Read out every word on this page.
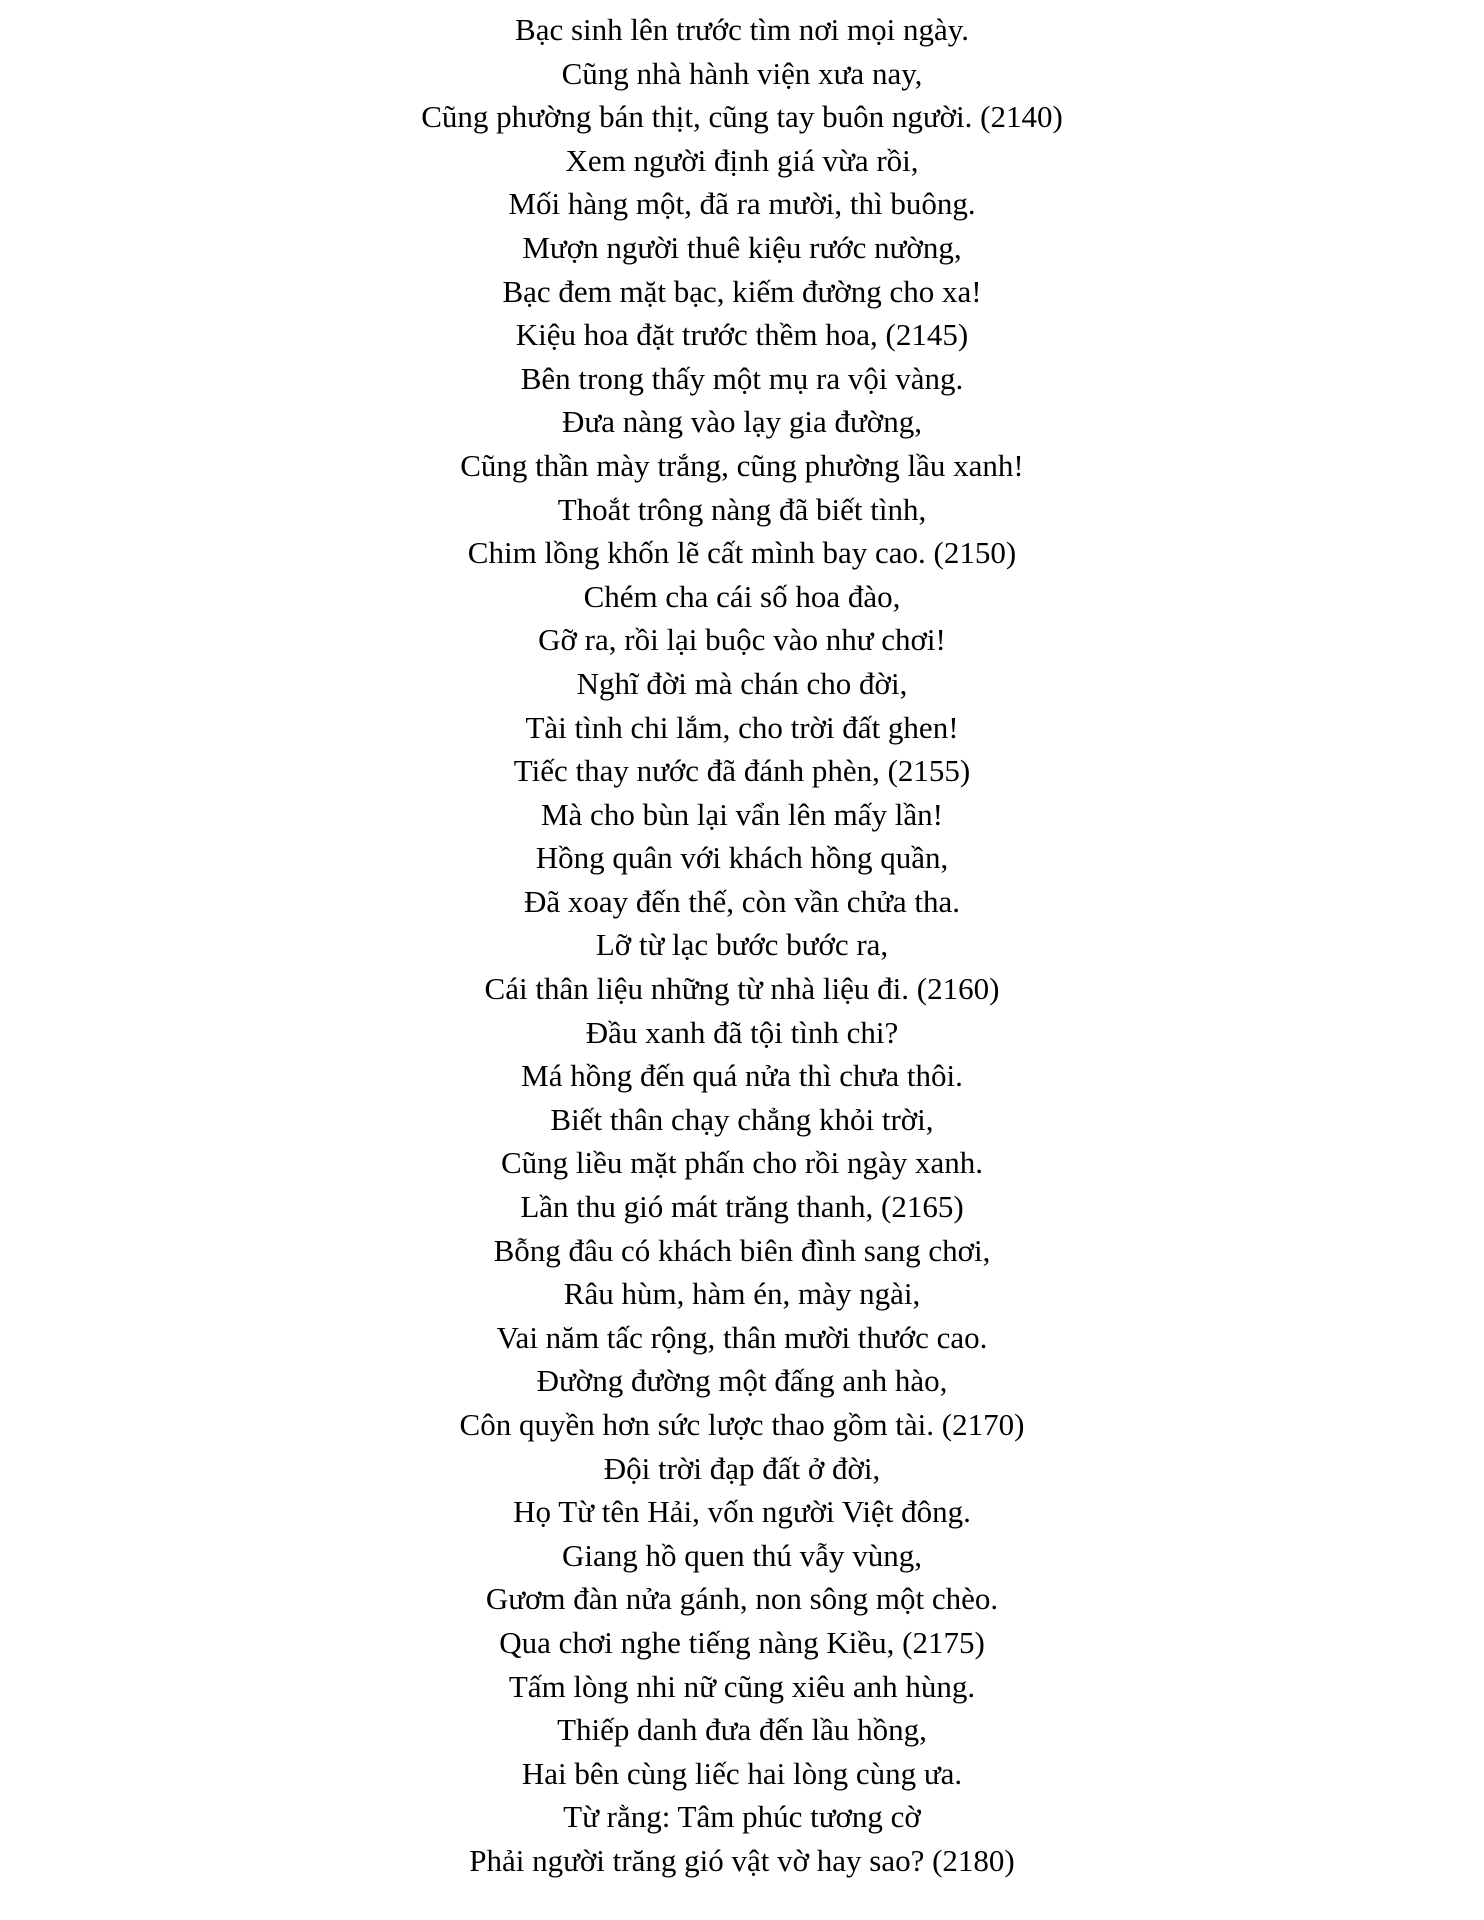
Bạc sinh lên trước tìm nơi mọi ngày.
Cũng nhà hành viện xưa nay,
Cũng phường bán thịt, cũng tay buôn người. (2140)
Xem người định giá vừa rồi,
Mối hàng một, đã ra mười, thì buông.
Mượn người thuê kiệu rước nường,
Bạc đem mặt bạc, kiếm đường cho xa!
Kiệu hoa đặt trước thềm hoa, (2145)
Bên trong thấy một mụ ra vội vàng.
Đưa nàng vào lạy gia đường,
Cũng thần mày trắng, cũng phường lầu xanh!
Thoắt trông nàng đã biết tình,
Chim lồng khốn lẽ cất mình bay cao. (2150)
Chém cha cái số hoa đào,
Gỡ ra, rồi lại buộc vào như chơi!
Nghĩ đời mà chán cho đời,
Tài tình chi lắm, cho trời đất ghen!
Tiếc thay nước đã đánh phèn, (2155)
Mà cho bùn lại vẩn lên mấy lần!
Hồng quân với khách hồng quần,
Đã xoay đến thế, còn vần chửa tha.
Lỡ từ lạc bước bước ra,
Cái thân liệu những từ nhà liệu đi. (2160)
Đầu xanh đã tội tình chi?
Má hồng đến quá nửa thì chưa thôi.
Biết thân chạy chẳng khỏi trời,
Cũng liều mặt phấn cho rồi ngày xanh.
Lần thu gió mát trăng thanh, (2165)
Bỗng đâu có khách biên đình sang chơi,
Râu hùm, hàm én, mày ngài,
Vai năm tấc rộng, thân mười thước cao.
Đường đường một đấng anh hào,
Côn quyền hơn sức lược thao gồm tài. (2170)
Đội trời đạp đất ở đời,
Họ Từ tên Hải, vốn người Việt đông.
Giang hồ quen thú vẫy vùng,
Gươm đàn nửa gánh, non sông một chèo.
Qua chơi nghe tiếng nàng Kiều, (2175)
Tấm lòng nhi nữ cũng xiêu anh hùng.
Thiếp danh đưa đến lầu hồng,
Hai bên cùng liếc hai lòng cùng ưa.
Từ rằng: Tâm phúc tương cờ
Phải người trăng gió vật vờ hay sao? (2180)
